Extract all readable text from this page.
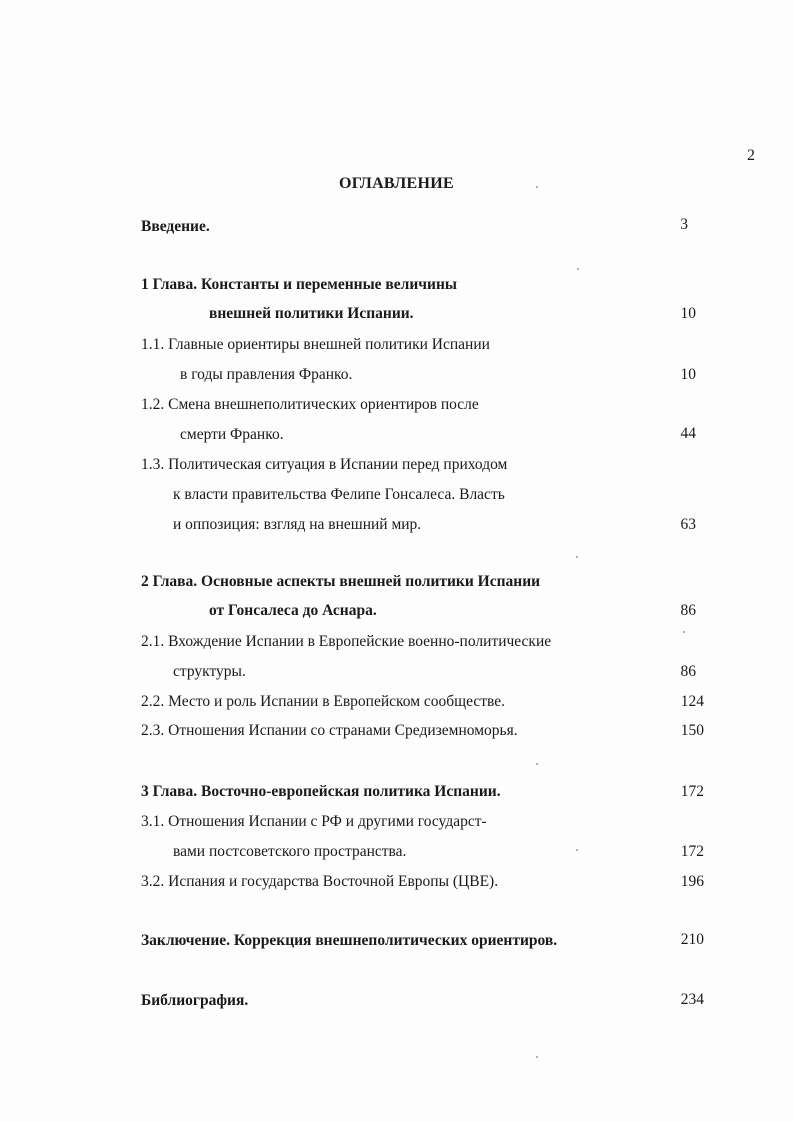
2
ОГЛАВЛЕНИЕ
Введение.	3
1 Глава. Константы и переменные величины
внешней политики Испании.	10
1.1. Главные ориентиры внешней политики Испании
в годы правления Франко.	10
1.2. Смена внешнеполитических ориентиров после
смерти Франко.	44
1.3. Политическая ситуация в Испании перед приходом
к власти правительства Фелипе Гонсалеса. Власть
и оппозиция: взгляд на внешний мир.	63
2 Глава. Основные аспекты внешней политики Испании
от Гонсалеса до Аснара.	86
2.1. Вхождение Испании в Европейские военно-политические
структуры.	86
2.2. Место и роль Испании в Европейском сообществе.	124
2.3. Отношения Испании со странами Средиземноморья.	150
3 Глава. Восточно-европейская политика Испании.	172
3.1. Отношения Испании с РФ и другими государст-
вами постсоветского пространства.	172
3.2. Испания и государства Восточной Европы (ЦВЕ).	196
Заключение. Коррекция внешнеполитических ориентиров.	210
Библиография.	234
